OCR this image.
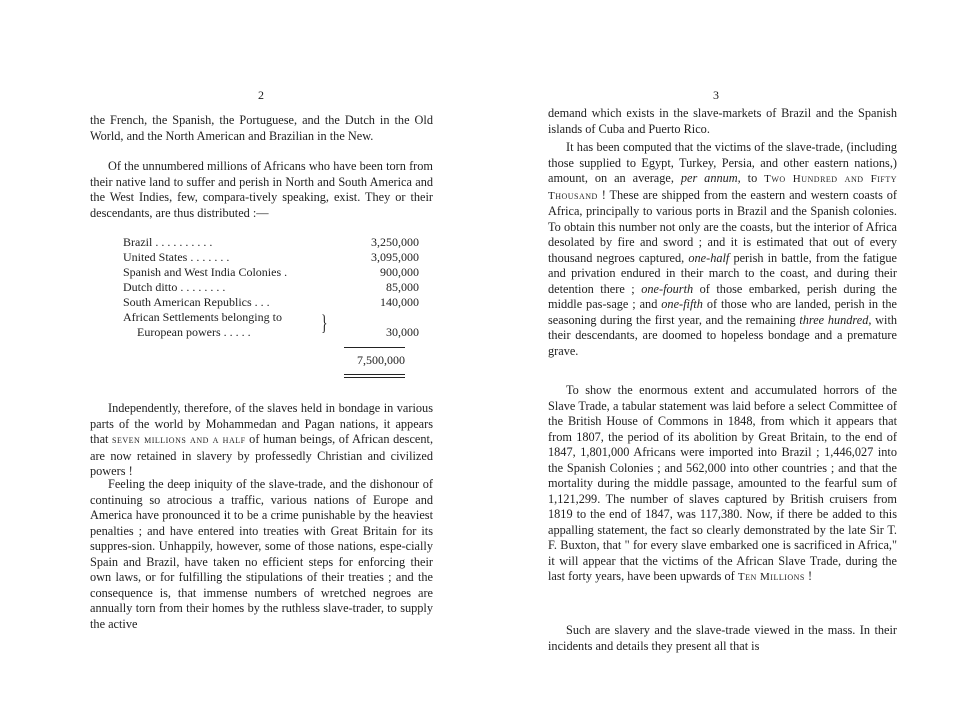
2

the French, the Spanish, the Portuguese, and the Dutch in the Old World, and the North American and Brazilian in the New.

Of the unnumbered millions of Africans who have been torn from their native land to suffer and perish in North and South America and the West Indies, few, compara-tively speaking, exist. They or their descendants, are thus distributed :—

Brazil . . . . . . . . . .	3,250,000
United States . . . . . . .	3,095,000
Spanish and West India Colonies .	900,000
Dutch ditto . . . . . . . .	85,000
South American Republics . . .	140,000
African Settlements belonging to	
European powers . . . . .	30,000
}
7,500,000

Independently, therefore, of the slaves held in bondage in various parts of the world by Mohammedan and Pagan nations, it appears that seven millions and a half of human beings, of African descent, are now retained in slavery by professedly Christian and civilized powers !

Feeling the deep iniquity of the slave-trade, and the dishonour of continuing so atrocious a traffic, various nations of Europe and America have pronounced it to be a crime punishable by the heaviest penalties ; and have entered into treaties with Great Britain for its suppres-sion. Unhappily, however, some of those nations, espe-cially Spain and Brazil, have taken no efficient steps for enforcing their own laws, or for fulfilling the stipulations of their treaties ; and the consequence is, that immense numbers of wretched negroes are annually torn from their homes by the ruthless slave-trader, to supply the active

3

demand which exists in the slave-markets of Brazil and the Spanish islands of Cuba and Puerto Rico.

It has been computed that the victims of the slave-trade, (including those supplied to Egypt, Turkey, Persia, and other eastern nations,) amount, on an average, per annum, to Two Hundred and Fifty Thousand ! These are shipped from the eastern and western coasts of Africa, principally to various ports in Brazil and the Spanish colonies. To obtain this number not only are the coasts, but the interior of Africa desolated by fire and sword ; and it is estimated that out of every thousand negroes captured, one-half perish in battle, from the fatigue and privation endured in their march to the coast, and during their detention there ; one-fourth of those embarked, perish during the middle pas-sage ; and one-fifth of those who are landed, perish in the seasoning during the first year, and the remaining three hundred, with their descendants, are doomed to hopeless bondage and a premature grave.

To show the enormous extent and accumulated horrors of the Slave Trade, a tabular statement was laid before a select Committee of the British House of Commons in 1848, from which it appears that from 1807, the period of its abolition by Great Britain, to the end of 1847, 1,801,000 Africans were imported into Brazil ; 1,446,027 into the Spanish Colonies ; and 562,000 into other countries ; and that the mortality during the middle passage, amounted to the fearful sum of 1,121,299. The number of slaves captured by British cruisers from 1819 to the end of 1847, was 117,380. Now, if there be added to this appalling statement, the fact so clearly demonstrated by the late Sir T. F. Buxton, that " for every slave embarked one is sacrificed in Africa," it will appear that the victims of the African Slave Trade, during the last forty years, have been upwards of Ten Millions !

Such are slavery and the slave-trade viewed in the mass. In their incidents and details they present all that is
